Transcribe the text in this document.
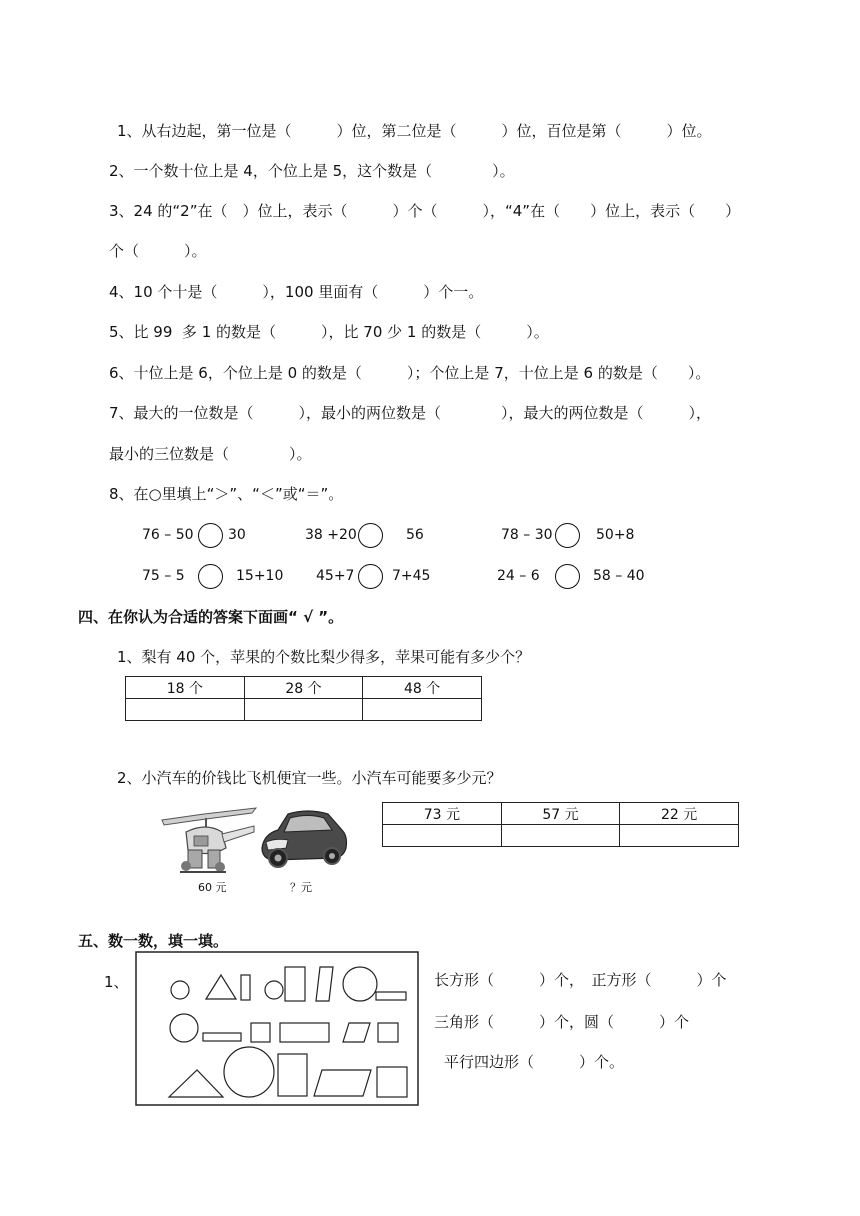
1、从右边起，第一位是（　　　）位，第二位是（　　　）位，百位是第（　　　）位。
2、一个数十位上是 4，个位上是 5，这个数是（　　　　）。
3、24 的“2”在（　）位上，表示（　　　）个（　　　），“4”在（　　）位上，表示（　　）
个（　　　）。
4、10 个十是（　　　），100 里面有（　　　）个一。
5、比 99  多 1 的数是（　　　），比 70 少 1 的数是（　　　）。
6、十位上是 6，个位上是 0 的数是（　　　）；个位上是 7，十位上是 6 的数是（　　）。
7、最大的一位数是（　　　），最小的两位数是（　　　　），最大的两位数是（　　　），
最小的三位数是（　　　　）。
8、在○里填上“＞”、“＜”或“＝”。
76 – 50 30	38 +20	56	78 – 30	50+8
75 – 5	15+10 45+7	7+45	24 – 6	58 – 40
四、在你认为合适的答案下面画“ √ ”。
1、梨有 40 个，苹果的个数比梨少得多，苹果可能有多少个？
18 个	28 个	48 个

2、小汽车的价钱比飞机便宜一些。小汽车可能要多少元？
60 元	？元
73 元	57 元	22 元

五、数一数，填一填。
1、	长方形（　　　）个，　正方形（　　　）个
三角形（　　　）个，圆（　　　）个
平行四边形（　　　）个。
